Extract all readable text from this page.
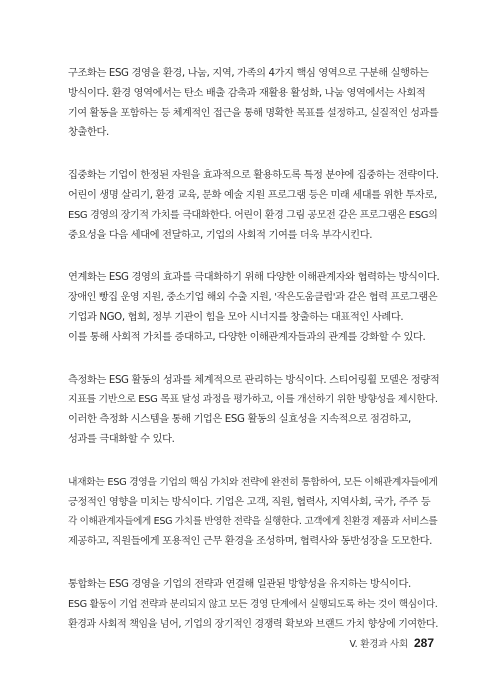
구조화는 ESG 경영을 환경, 나눔, 지역, 가족의 4가지 핵심 영역으로 구분해 실행하는
방식이다. 환경 영역에서는 탄소 배출 감축과 재활용 활성화, 나눔 영역에서는 사회적
기여 활동을 포함하는 등 체계적인 접근을 통해 명확한 목표를 설정하고, 실질적인 성과를
창출한다.

집중화는 기업이 한정된 자원을 효과적으로 활용하도록 특정 분야에 집중하는 전략이다.
어린이 생명 살리기, 환경 교육, 문화 예술 지원 프로그램 등은 미래 세대를 위한 투자로,
ESG 경영의 장기적 가치를 극대화한다. 어린이 환경 그림 공모전 같은 프로그램은 ESG의
중요성을 다음 세대에 전달하고, 기업의 사회적 기여를 더욱 부각시킨다.

연계화는 ESG 경영의 효과를 극대화하기 위해 다양한 이해관계자와 협력하는 방식이다.
장애인 빵집 운영 지원, 중소기업 해외 수출 지원, '작은도움클럽'과 같은 협력 프로그램은
기업과 NGO, 협회, 정부 기관이 힘을 모아 시너지를 창출하는 대표적인 사례다.
이를 통해 사회적 가치를 증대하고, 다양한 이해관계자들과의 관계를 강화할 수 있다.

측정화는 ESG 활동의 성과를 체계적으로 관리하는 방식이다. 스티어링휠 모델은 정량적
지표를 기반으로 ESG 목표 달성 과정을 평가하고, 이를 개선하기 위한 방향성을 제시한다.
이러한 측정화 시스템을 통해 기업은 ESG 활동의 실효성을 지속적으로 점검하고,
성과를 극대화할 수 있다.

내재화는 ESG 경영을 기업의 핵심 가치와 전략에 완전히 통합하여, 모든 이해관계자들에게
긍정적인 영향을 미치는 방식이다. 기업은 고객, 직원, 협력사, 지역사회, 국가, 주주 등
각 이해관계자들에게 ESG 가치를 반영한 전략을 실행한다. 고객에게 친환경 제품과 서비스를
제공하고, 직원들에게 포용적인 근무 환경을 조성하며, 협력사와 동반성장을 도모한다.

통합화는 ESG 경영을 기업의 전략과 연결해 일관된 방향성을 유지하는 방식이다.
ESG 활동이 기업 전략과 분리되지 않고 모든 경영 단계에서 실행되도록 하는 것이 핵심이다.
환경과 사회적 책임을 넘어, 기업의 장기적인 경쟁력 확보와 브랜드 가치 향상에 기여한다.

V. 환경과 사회 287
